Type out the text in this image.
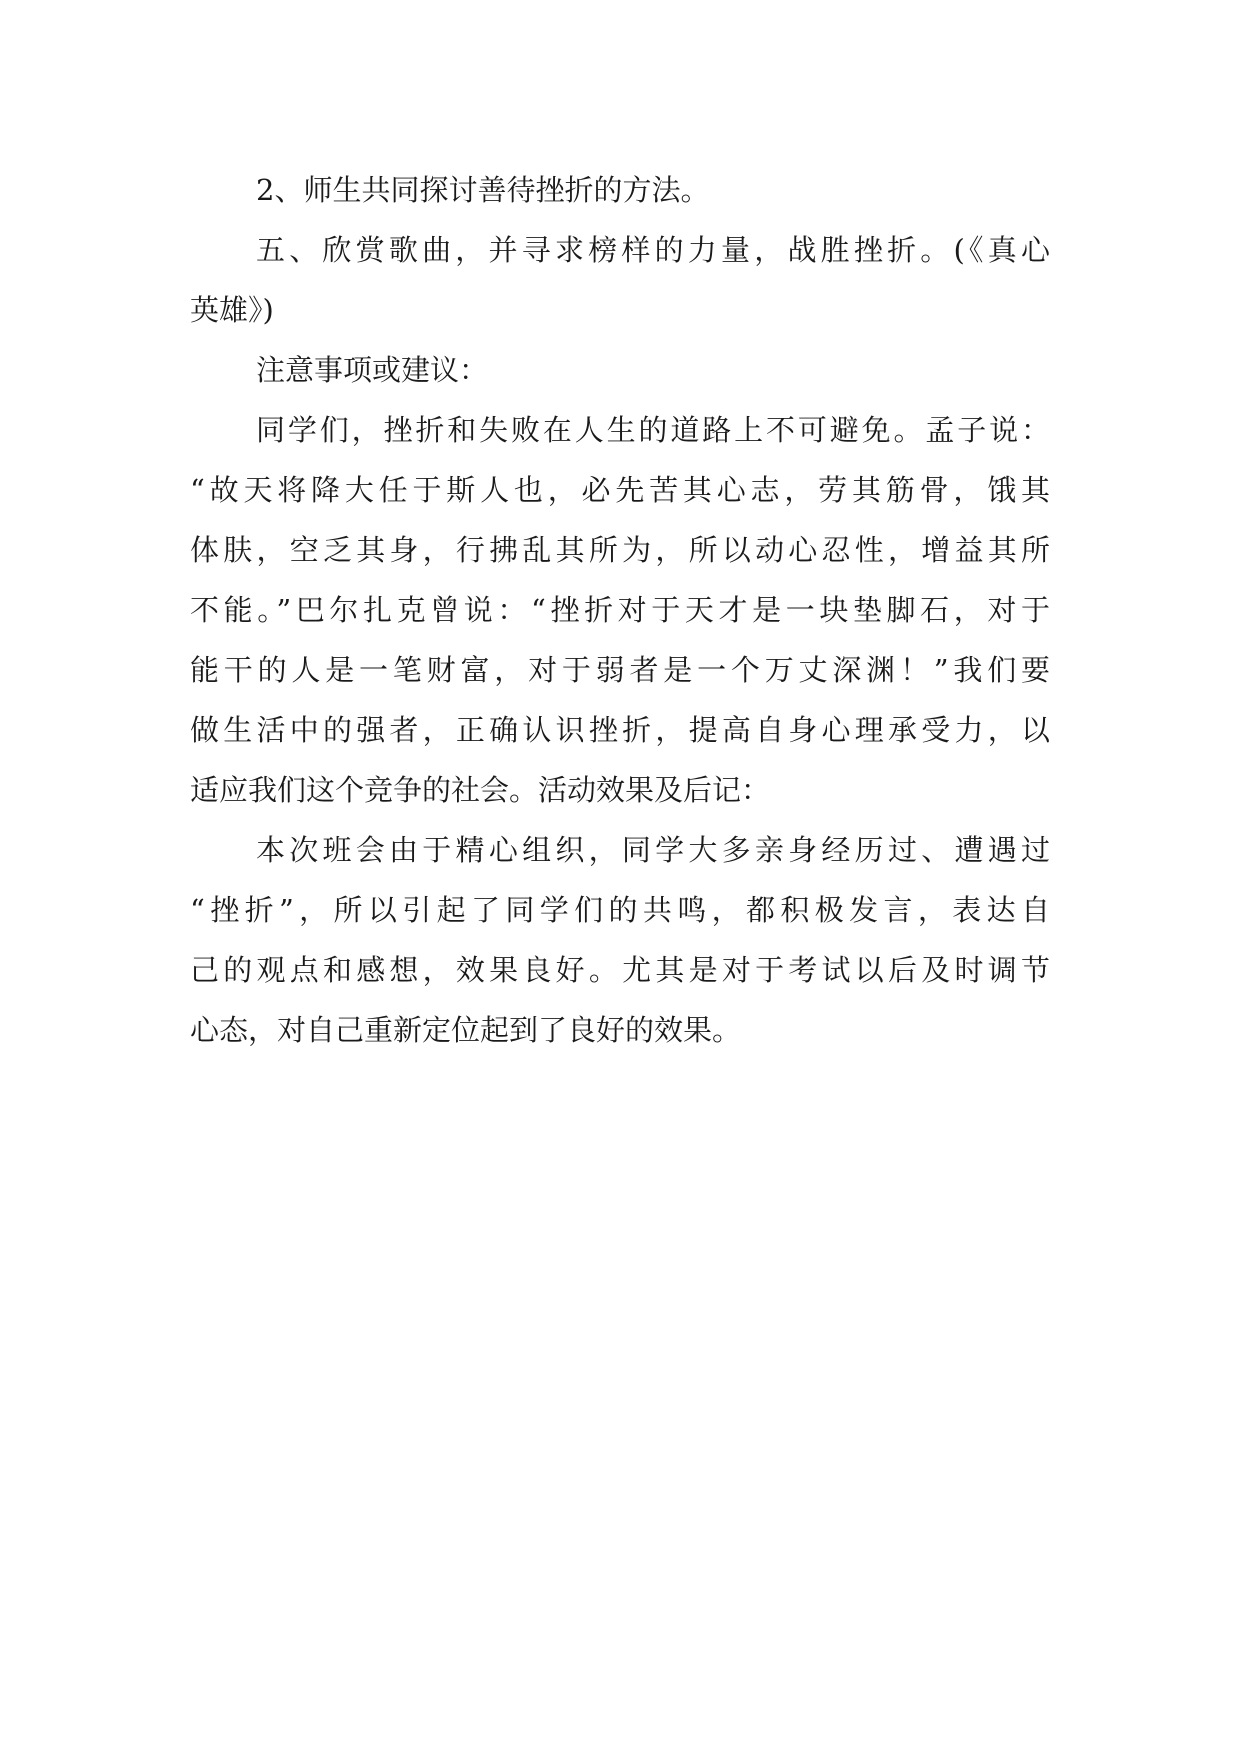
2、师生共同探讨善待挫折的方法。
五、欣赏歌曲，并寻求榜样的力量，战胜挫折。(《真心
英雄》)
注意事项或建议：
同学们，挫折和失败在人生的道路上不可避免。孟子说：
“故天将降大任于斯人也，必先苦其心志，劳其筋骨，饿其
体肤，空乏其身，行拂乱其所为，所以动心忍性，增益其所
不能。”巴尔扎克曾说：“挫折对于天才是一块垫脚石，对于
能干的人是一笔财富，对于弱者是一个万丈深渊！”我们要
做生活中的强者，正确认识挫折，提高自身心理承受力，以
适应我们这个竞争的社会。活动效果及后记：
本次班会由于精心组织，同学大多亲身经历过、遭遇过
“挫折”，所以引起了同学们的共鸣，都积极发言，表达自
己的观点和感想，效果良好。尤其是对于考试以后及时调节
心态，对自己重新定位起到了良好的效果。
